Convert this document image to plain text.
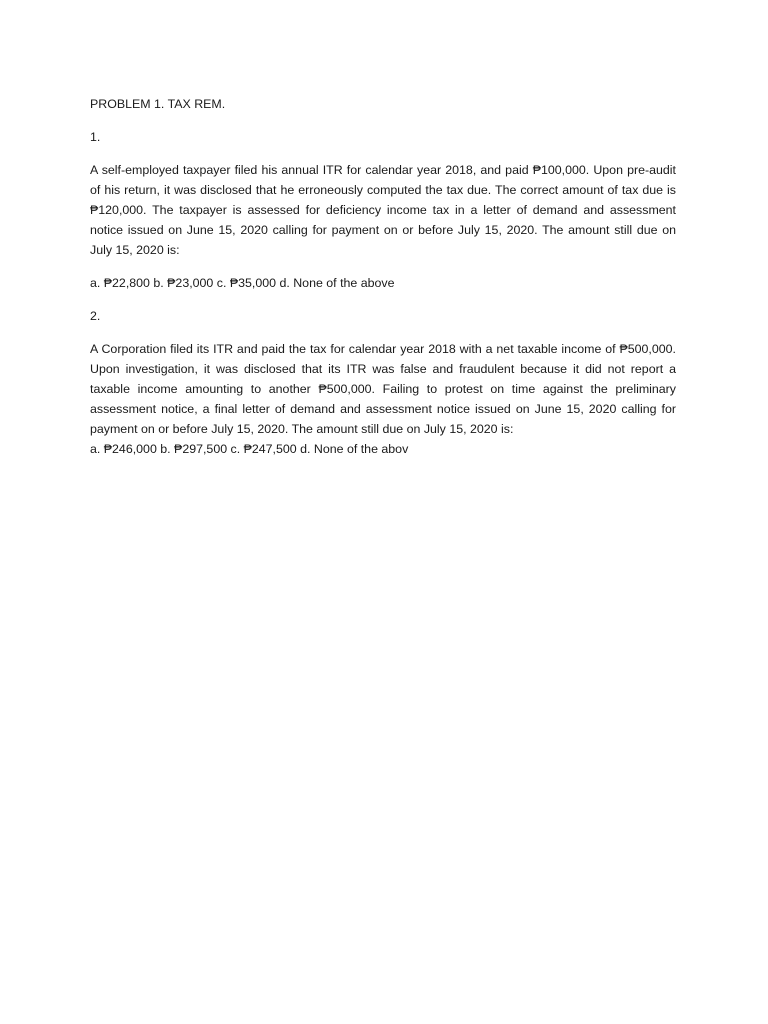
PROBLEM 1. TAX REM.

1.

A self-employed taxpayer filed his annual ITR for calendar year 2018, and paid ₱100,000. Upon pre-audit of his return, it was disclosed that he erroneously computed the tax due. The correct amount of tax due is ₱120,000. The taxpayer is assessed for deficiency income tax in a letter of demand and assessment notice issued on June 15, 2020 calling for payment on or before July 15, 2020. The amount still due on July 15, 2020 is:

a. ₱22,800 b. ₱23,000 c. ₱35,000 d. None of the above

2.

A Corporation filed its ITR and paid the tax for calendar year 2018 with a net taxable income of ₱500,000. Upon investigation, it was disclosed that its ITR was false and fraudulent because it did not report a taxable income amounting to another ₱500,000. Failing to protest on time against the preliminary assessment notice, a final letter of demand and assessment notice issued on June 15, 2020 calling for payment on or before July 15, 2020. The amount still due on July 15, 2020 is:

a. ₱246,000 b. ₱297,500 c. ₱247,500 d. None of the abov
